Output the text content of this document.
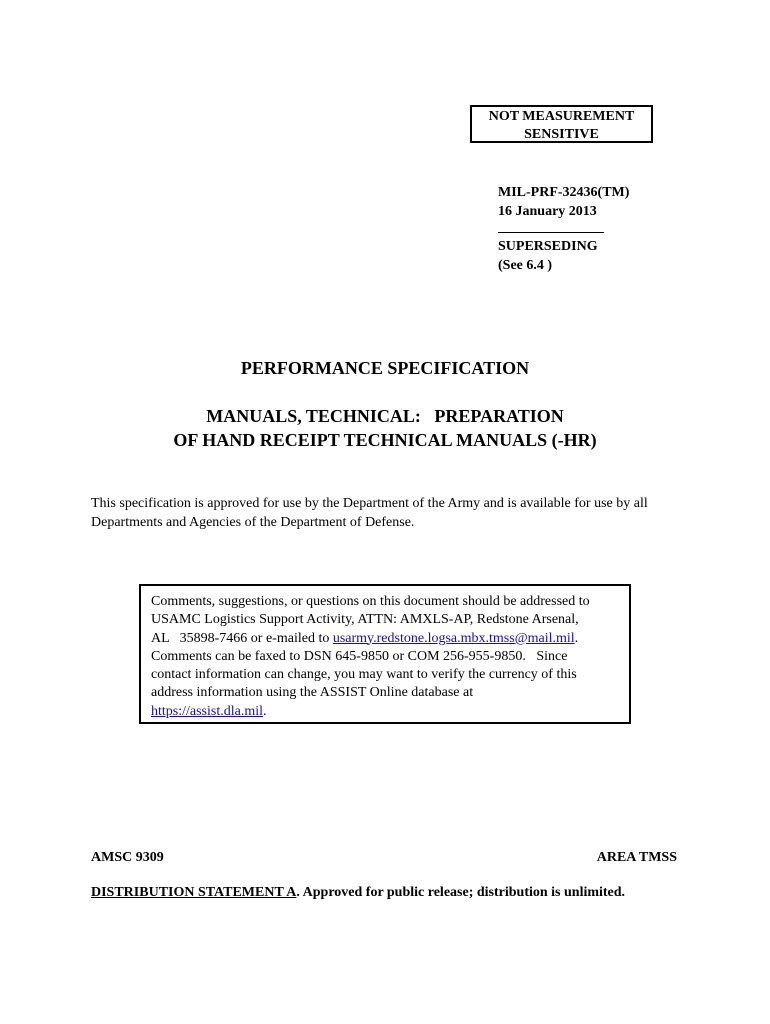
NOT MEASUREMENT
SENSITIVE
MIL-PRF-32436(TM)
16 January 2013
SUPERSEDING
(See 6.4 )
PERFORMANCE SPECIFICATION
MANUALS, TECHNICAL:   PREPARATION
OF HAND RECEIPT TECHNICAL MANUALS (-HR)
This specification is approved for use by the Department of the Army and is available for use by all Departments and Agencies of the Department of Defense.
Comments, suggestions, or questions on this document should be addressed to
USAMC Logistics Support Activity, ATTN: AMXLS-AP, Redstone Arsenal,
AL   35898-7466 or e-mailed to usarmy.redstone.logsa.mbx.tmss@mail.mil.
Comments can be faxed to DSN 645-9850 or COM 256-955-9850.   Since
contact information can change, you may want to verify the currency of this
address information using the ASSIST Online database at
https://assist.dla.mil.
AMSC 9309	AREA TMSS
DISTRIBUTION STATEMENT A. Approved for public release; distribution is unlimited.
